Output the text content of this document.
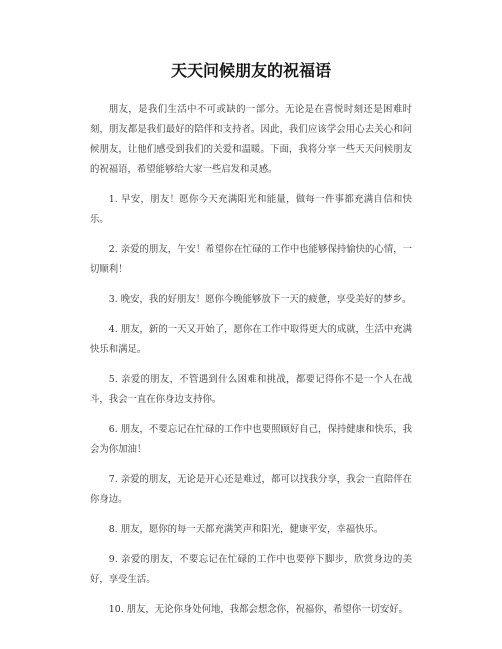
天天问候朋友的祝福语

朋友，是我们生活中不可或缺的一部分。无论是在喜悦时刻还是困难时刻，朋友都是我们最好的陪伴和支持者。因此，我们应该学会用心去关心和问候朋友，让他们感受到我们的关爱和温暖。下面，我将分享一些天天问候朋友的祝福语，希望能够给大家一些启发和灵感。

1. 早安，朋友！愿你今天充满阳光和能量，做每一件事都充满自信和快乐。

2. 亲爱的朋友，午安！希望你在忙碌的工作中也能够保持愉快的心情，一切顺利！

3. 晚安，我的好朋友！愿你今晚能够放下一天的疲惫，享受美好的梦乡。

4. 朋友，新的一天又开始了，愿你在工作中取得更大的成就，生活中充满快乐和满足。

5. 亲爱的朋友，不管遇到什么困难和挑战，都要记得你不是一个人在战斗，我会一直在你身边支持你。

6. 朋友，不要忘记在忙碌的工作中也要照顾好自己，保持健康和快乐，我会为你加油！

7. 亲爱的朋友，无论是开心还是难过，都可以找我分享，我会一直陪伴在你身边。

8. 朋友，愿你的每一天都充满笑声和阳光，健康平安，幸福快乐。

9. 亲爱的朋友，不要忘记在忙碌的工作中也要停下脚步，欣赏身边的美好，享受生活。

10. 朋友，无论你身处何地，我都会想念你，祝福你，希望你一切安好。
